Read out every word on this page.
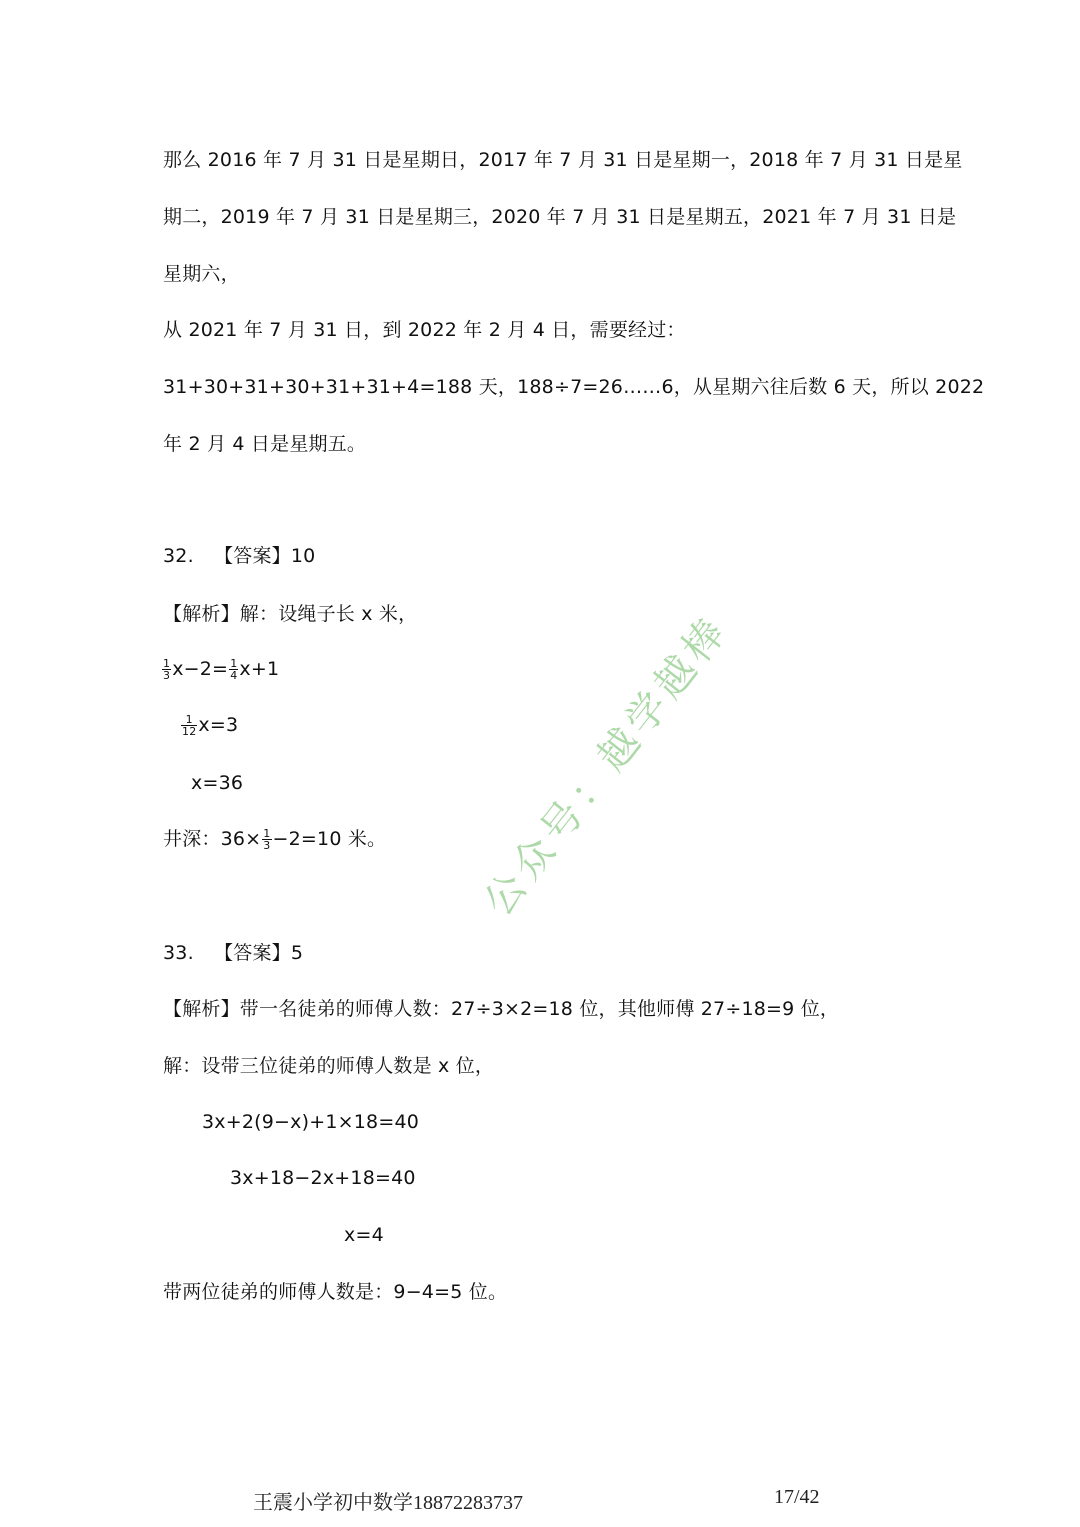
那么 2016 年 7 月 31 日是星期日，2017 年 7 月 31 日是星期一，2018 年 7 月 31 日是星
期二，2019 年 7 月 31 日是星期三，2020 年 7 月 31 日是星期五，2021 年 7 月 31 日是
星期六，
从 2021 年 7 月 31 日，到 2022 年 2 月 4 日，需要经过：
31+30+31+30+31+31+4=188 天，188÷7=26……6，从星期六往后数 6 天，所以 2022
年 2 月 4 日是星期五。
32. 【答案】10
【解析】解：设绳子长 x 米，
$\frac{1}{3} x-2= \frac{1}{4} x+1$
$\frac{1}{12} x=3$
x=36
井深：$36\times \frac{1}{3} -2=10$ 米。
33. 【答案】5
【解析】带一名徒弟的师傅人数：27÷3×2=18 位，其他师傅 27÷18=9 位，
解：设带三位徒弟的师傅人数是 x 位，
3x+2(9−x)+1×18=40
3x+18−2x+18=40
x=4
带两位徒弟的师傅人数是：9−4=5 位。
公众号：越学越棒
王震小学初中数学18872283737	17/42
